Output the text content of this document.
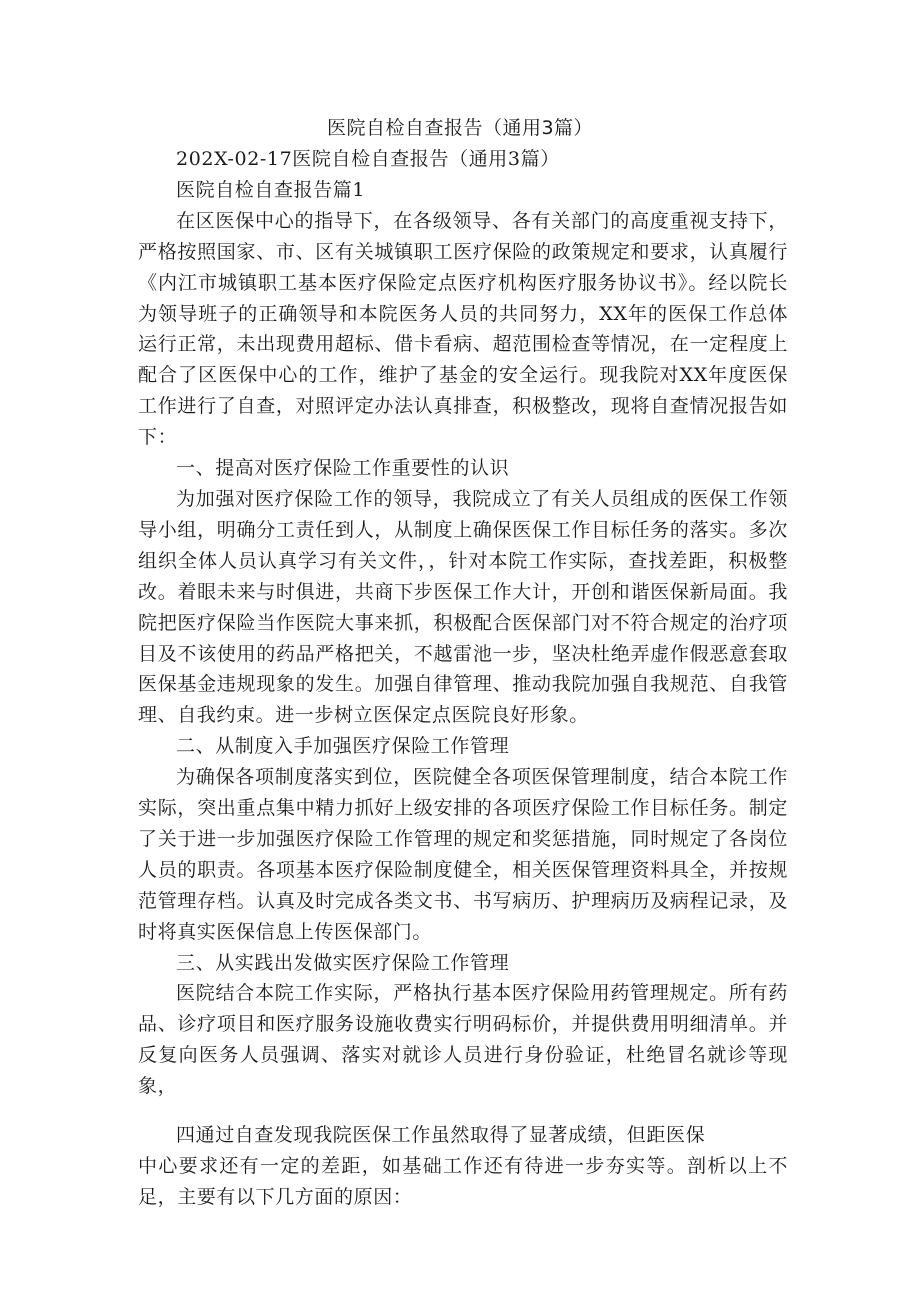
医院自检自查报告（通用3篇）

202X-02-17医院自检自查报告（通用3篇）

医院自检自查报告篇1

在区医保中心的指导下，在各级领导、各有关部门的高度重视支持下，严格按照国家、市、区有关城镇职工医疗保险的政策规定和要求，认真履行《内江市城镇职工基本医疗保险定点医疗机构医疗服务协议书》。经以院长为领导班子的正确领导和本院医务人员的共同努力，XX年的医保工作总体运行正常，未出现费用超标、借卡看病、超范围检查等情况，在一定程度上配合了区医保中心的工作，维护了基金的安全运行。现我院对XX年度医保工作进行了自查，对照评定办法认真排查，积极整改，现将自查情况报告如下：

一、提高对医疗保险工作重要性的认识

为加强对医疗保险工作的领导，我院成立了有关人员组成的医保工作领导小组，明确分工责任到人，从制度上确保医保工作目标任务的落实。多次组织全体人员认真学习有关文件，，针对本院工作实际，查找差距，积极整改。着眼未来与时俱进，共商下步医保工作大计，开创和谐医保新局面。我院把医疗保险当作医院大事来抓，积极配合医保部门对不符合规定的治疗项目及不该使用的药品严格把关，不越雷池一步，坚决杜绝弄虚作假恶意套取医保基金违规现象的发生。加强自律管理、推动我院加强自我规范、自我管理、自我约束。进一步树立医保定点医院良好形象。

二、从制度入手加强医疗保险工作管理

为确保各项制度落实到位，医院健全各项医保管理制度，结合本院工作实际，突出重点集中精力抓好上级安排的各项医疗保险工作目标任务。制定了关于进一步加强医疗保险工作管理的规定和奖惩措施，同时规定了各岗位人员的职责。各项基本医疗保险制度健全，相关医保管理资料具全，并按规范管理存档。认真及时完成各类文书、书写病历、护理病历及病程记录，及时将真实医保信息上传医保部门。

三、从实践出发做实医疗保险工作管理

医院结合本院工作实际，严格执行基本医疗保险用药管理规定。所有药品、诊疗项目和医疗服务设施收费实行明码标价，并提供费用明细清单。并反复向医务人员强调、落实对就诊人员进行身份验证，杜绝冒名就诊等现象，

四通过自查发现我院医保工作虽然取得了显著成绩，但距医保

中心要求还有一定的差距，如基础工作还有待进一步夯实等。剖析以上不足，主要有以下几方面的原因：
